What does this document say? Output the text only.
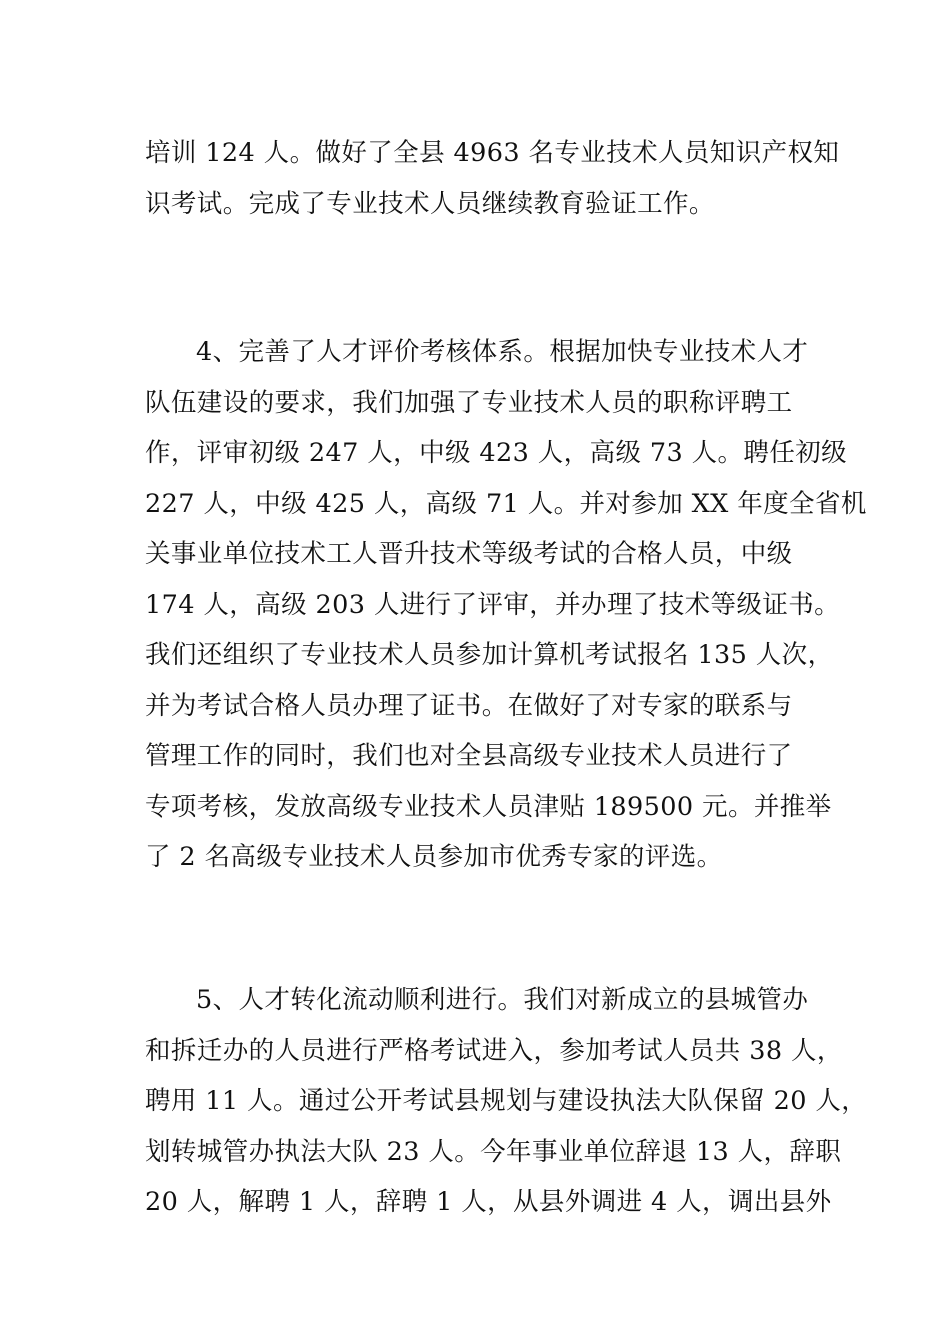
培训 124 人。做好了全县 4963 名专业技术人员知识产权知
识考试。完成了专业技术人员继续教育验证工作。

4、完善了人才评价考核体系。根据加快专业技术人才
队伍建设的要求，我们加强了专业技术人员的职称评聘工
作，评审初级 247 人，中级 423 人，高级 73 人。聘任初级
227 人，中级 425 人，高级 71 人。并对参加 XX 年度全省机
关事业单位技术工人晋升技术等级考试的合格人员，中级
174 人，高级 203 人进行了评审，并办理了技术等级证书。
我们还组织了专业技术人员参加计算机考试报名 135 人次，
并为考试合格人员办理了证书。在做好了对专家的联系与
管理工作的同时，我们也对全县高级专业技术人员进行了
专项考核，发放高级专业技术人员津贴 189500 元。并推举
了 2 名高级专业技术人员参加市优秀专家的评选。

5、人才转化流动顺利进行。我们对新成立的县城管办
和拆迁办的人员进行严格考试进入，参加考试人员共 38 人，
聘用 11 人。通过公开考试县规划与建设执法大队保留 20 人，
划转城管办执法大队 23 人。今年事业单位辞退 13 人，辞职
20 人，解聘 1 人，辞聘 1 人，从县外调进 4 人，调出县外
